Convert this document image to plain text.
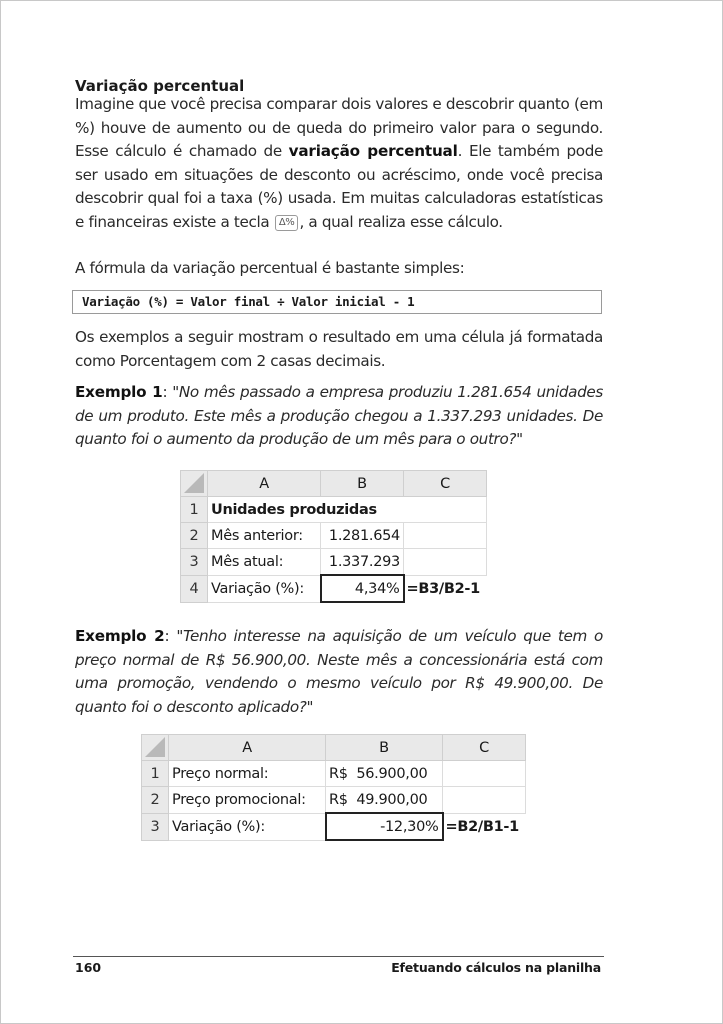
Variação percentual

Imagine que você precisa comparar dois valores e descobrir quanto (em %) houve de aumento ou de queda do primeiro valor para o segundo. Esse cálculo é chamado de variação percentual. Ele também pode ser usado em situações de desconto ou acréscimo, onde você precisa descobrir qual foi a taxa (%) usada. Em muitas calculadoras estatísticas e financeiras existe a tecla Δ% , a qual realiza esse cálculo.

A fórmula da variação percentual é bastante simples:

Variação (%) = Valor final ÷ Valor inicial - 1

Os exemplos a seguir mostram o resultado em uma célula já formatada como Porcentagem com 2 casas decimais.

Exemplo 1: "No mês passado a empresa produziu 1.281.654 unidades de um produto. Este mês a produção chegou a 1.337.293 unidades. De quanto foi o aumento da produção de um mês para o outro?"

	A	B	C
1	Unidades produzidas		
2	Mês anterior:	1.281.654	
3	Mês atual:	1.337.293	
4	Variação (%):	4,34%	=B3/B2-1

Exemplo 2: "Tenho interesse na aquisição de um veículo que tem o preço normal de R$ 56.900,00. Neste mês a concessionária está com uma promoção, vendendo o mesmo veículo por R$ 49.900,00. De quanto foi o desconto aplicado?"

	A	B	C
1	Preço normal:	R$  56.900,00	
2	Preço promocional:	R$  49.900,00	
3	Variação (%):	-12,30%	=B2/B1-1
160	Efetuando cálculos na planilha
